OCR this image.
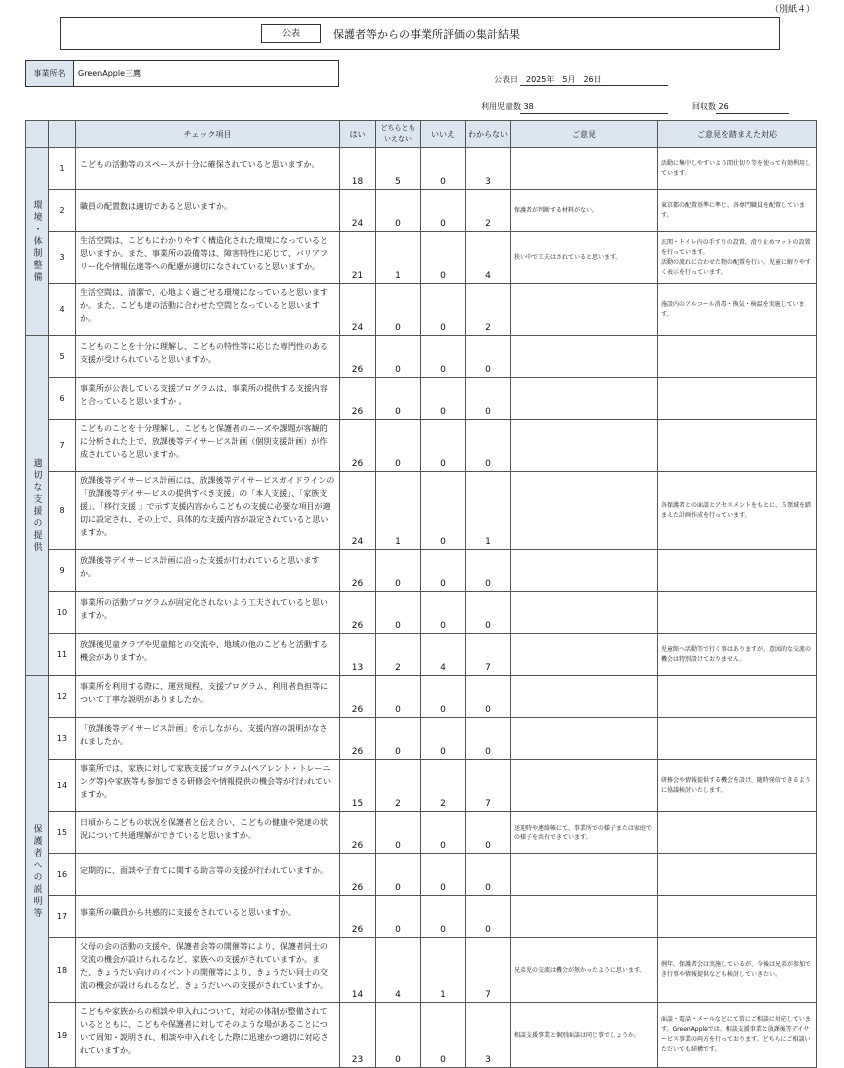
（別紙４）
公表	保護者等からの事業所評価の集計結果
事業所名	GreenApple三鷹
公表日　2025年　5月　26日
利用児童数 38	回収数 26
		チェック項目	はい	どちらとも
いえない	いいえ	わからない	ご意見	ご意見を踏まえた対応

環境・体制整備	1	こどもの活動等のスペースが十分に確保されていると思いますか。	18	5	0	3		活動に集中しやすいよう間仕切り等を使って有効利用しています。
	2	職員の配置数は適切であると思いますか。	24	0	0	2	保護者が判断する材料がない。	東京都の配置基準に準じ、各専門職員を配置しています。
	3	生活空間は、こどもにわかりやすく構造化された環境になっていると思いますか。また、事業所の設備等は、障害特性に応じて、バリアフリー化や情報伝達等への配慮が適切になされていると思いますか。	21	1	0	4	狭い中で工夫はされていると思います。	玄関・トイレ内の手すりの設置、滑り止めマットの設置を行っています。
活動の流れに合わせた物の配置を行い、児童に解りやすく表示を行っています。
	4	生活空間は、清潔で、心地よく過ごせる環境になっていると思いますか。また、こども達の活動に合わせた空間となっていると思いますか。	24	0	0	2		施設内のアルコール消毒・換気・検温を実施しています。

適切な支援の提供	5	こどものことを十分に理解し、こどもの特性等に応じた専門性のある支援が受けられていると思いますか。	26	0	0	0		
	6	事業所が公表している支援プログラムは、事業所の提供する支援内容と合っていると思いますか 。	26	0	0	0		
	7	こどものことを十分理解し、こどもと保護者のニーズや課題が客観的に分析された上で、放課後等デイサービス計画（個別支援計画）が作成されていると思いますか。	26	0	0	0		
	8	放課後等デイサービス計画には、放課後等デイサービスガイドラインの「放課後等デイサービスの提供すべき支援」の「本人支援」、「家族支援」、「移行支援 」で示す支援内容からこどもの支援に必要な項目が適切に設定され、その上で、具体的な支援内容が設定されていると思いますか。	24	1	0	1		各保護者との面談とアセスメントをもとに、５領域を踏まえた計画作成を行っています。
	9	放課後等デイサービス計画に沿った支援が行われていると思いますか。	26	0	0	0		
	10	事業所の活動プログラムが固定化されないよう工夫されていると思いますか。	26	0	0	0		
	11	放課後児童クラブや児童館との交流や、地域の他のこどもと活動する機会がありますか。	13	2	4	7		児童館へ活動等で行く事はありますが、意図的な交流の機会は特別設けておりません。

保護者への説明等	12	事業所を利用する際に、運営規程、支援プログラム、利用者負担等について丁寧な説明がありましたか。	26	0	0	0		
	13	「放課後等デイサービス計画」を示しながら、支援内容の説明がなされましたか。	26	0	0	0		
	14	事業所では、家族に対して家族支援プログラム(ペアレント・トレーニング等)や家族等も参加できる研修会や情報提供の機会等が行われていますか。	15	2	2	7		研修会や情報提供する機会を設け、随時発信できるように協議検討いたします。
	15	日頃からこどもの状況を保護者と伝え合い、こどもの健康や発達の状況について共通理解ができていると思いますか。	26	0	0	0	送迎時や連絡帳にて、事業所での様子または家庭での様子を共有できています。	
	16	定期的に、面談や子育てに関する助言等の支援が行われていますか。	26	0	0	0		
	17	事業所の職員から共感的に支援をされていると思いますか。	26	0	0	0		
	18	父母の会の活動の支援や、保護者会等の開催等により、保護者同士の交流の機会が設けられるなど、家族への支援がされていますか。また、きょうだい向けのイベントの開催等により、きょうだい同士の交流の機会が設けられるなど、きょうだいへの支援がされていますか。	14	4	1	7	兄弟児の交流は機会が無かったように思います。	例年、保護者会は実施しているが、今後は兄弟が参加でき行事や情報提供なども検討していきたい。
	19	こどもや家族からの相談や申入れについて、対応の体制が整備されているとともに、こどもや保護者に対してそのような場があることについて周知・説明され、相談や申入れをした際に迅速かつ適切に対応されていますか。	23	0	0	3	相談支援事業と個別面談は同じ事でしょうか。	面談・電話・メールなどにて常にご相談に対応しています。GreenAppleでは、相談支援事業と放課後等デイサービス事業の両方を行っております。どちらにご相談いただいても結構です。
